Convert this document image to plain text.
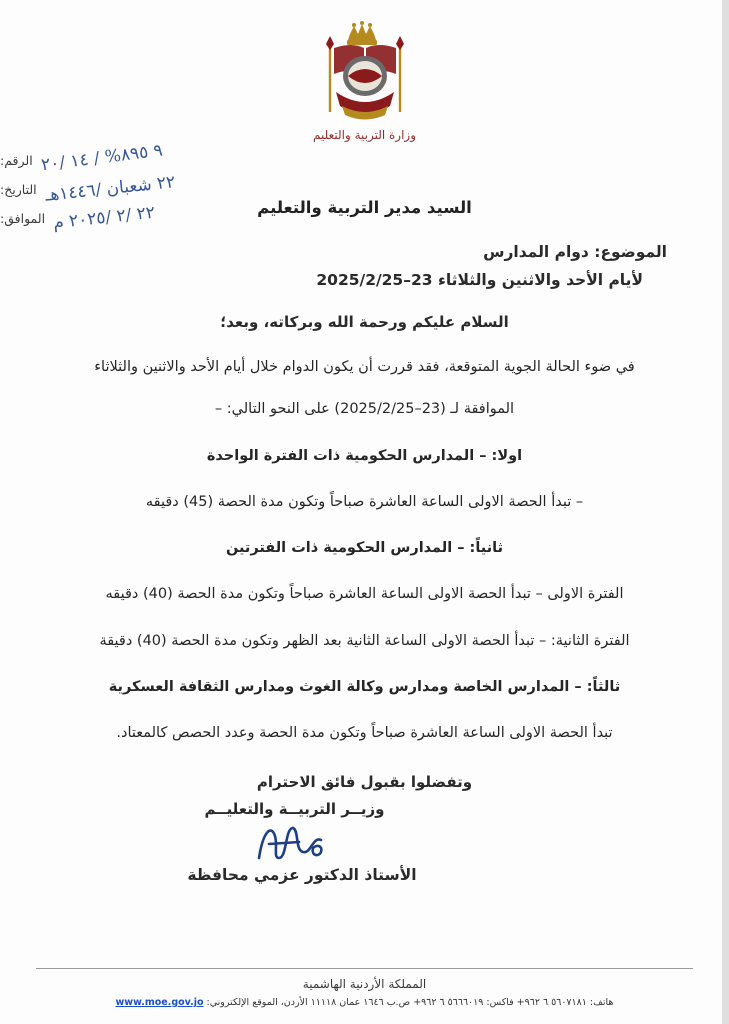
وزارة التربية والتعليم
الرقم: ٩ ٨٩٥% / ١٤ /٢٠
التاريخ: ٢٢ شعبان /١٤٤٦هـ
الموافق: ٢٢ /٢ /٢٠٢٥ م	السيد مدير التربية والتعليم

الموضوع: دوام المدارس

لأيام الأحد والاثنين والثلاثاء 23–2025/2/25

السلام عليكم ورحمة الله وبركاته، وبعد؛

في ضوء الحالة الجوية المتوقعة، فقد قررت أن يكون الدوام خلال أيام الأحد والاثنين والثلاثاء

الموافقة لـ (23–2025/2/25) على النحو التالي: –

اولا: – المدارس الحكومية ذات الفترة الواحدة

– تبدأ الحصة الاولى الساعة العاشرة صباحاً وتكون مدة الحصة (45) دقيقه

ثانياً: – المدارس الحكومية ذات الفترتين

الفترة الاولى – تبدأ الحصة الاولى الساعة العاشرة صباحاً وتكون مدة الحصة (40) دقيقه

الفترة الثانية: – تبدأ الحصة الاولى الساعة الثانية بعد الظهر وتكون مدة الحصة (40) دقيقة

ثالثاً: – المدارس الخاصة ومدارس وكالة الغوث ومدارس الثقافة العسكرية

تبدأ الحصة الاولى الساعة العاشرة صباحاً وتكون مدة الحصة وعدد الحصص كالمعتاد.

وتفضلوا بقبول فائق الاحترام

وزيــر التربيــة والتعليــم
الأستاذ الدكتور عزمي محافظة
المملكة الأردنية الهاشمية
هاتف: ٥٦٠٧١٨١ ٦ ٩٦٢+ فاكس: ٥٦٦٦٠١٩ ٦ ٩٦٢+ ص.ب ١٦٤٦ عمان ١١١١٨ الأردن، الموقع الإلكتروني: www.moe.gov.jo
